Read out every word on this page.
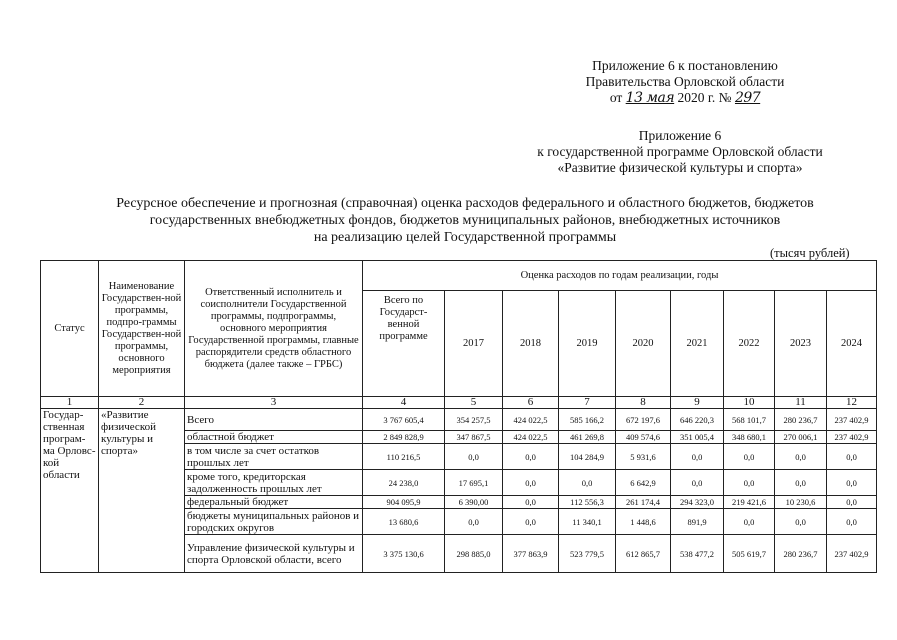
Приложение 6 к постановлению
Правительства Орловской области
от 13 мая 2020 г. № 297
Приложение 6
к государственной программе Орловской области
«Развитие физической культуры и спорта»
Ресурсное обеспечение и прогнозная (справочная) оценка расходов федерального и областного бюджетов, бюджетов
государственных внебюджетных фондов, бюджетов муниципальных районов, внебюджетных источников
на реализацию целей Государственной программы
(тысяч рублей)
Статус	Наименование Государствен-ной программы, подпро-граммы Государствен-ной программы, основного мероприятия	Ответственный исполнитель и соисполнители Государственной программы, подпрограммы, основного мероприятия Государственной программы, главные распорядители средств областного бюджета (далее также – ГРБС)	Оценка расходов по годам реализации, годы								
			Всего по Государст-венной программе	2017	2018	2019	2020	2021	2022	2023	2024
1	2	3	4	5	6	7	8	9	10	11	12
Государ-ственная програм-ма Орловс-кой области	«Развитие физической культуры и спорта»	Всего	3 767 605,4	354 257,5	424 022,5	585 166,2	672 197,6	646 220,3	568 101,7	280 236,7	237 402,9
		областной бюджет	2 849 828,9	347 867,5	424 022,5	461 269,8	409 574,6	351 005,4	348 680,1	270 006,1	237 402,9
		в том числе за счет остатков прошлых лет	110 216,5	0,0	0,0	104 284,9	5 931,6	0,0	0,0	0,0	0,0
		кроме того, кредиторская задолженность прошлых лет	24 238,0	17 695,1	0,0	0,0	6 642,9	0,0	0,0	0,0	0,0
		федеральный бюджет	904 095,9	6 390,00	0,0	112 556,3	261 174,4	294 323,0	219 421,6	10 230,6	0,0
		бюджеты муниципальных районов и городских округов	13 680,6	0,0	0,0	11 340,1	1 448,6	891,9	0,0	0,0	0,0
		Управление физической культуры и спорта Орловской области, всего	3 375 130,6	298 885,0	377 863,9	523 779,5	612 865,7	538 477,2	505 619,7	280 236,7	237 402,9
